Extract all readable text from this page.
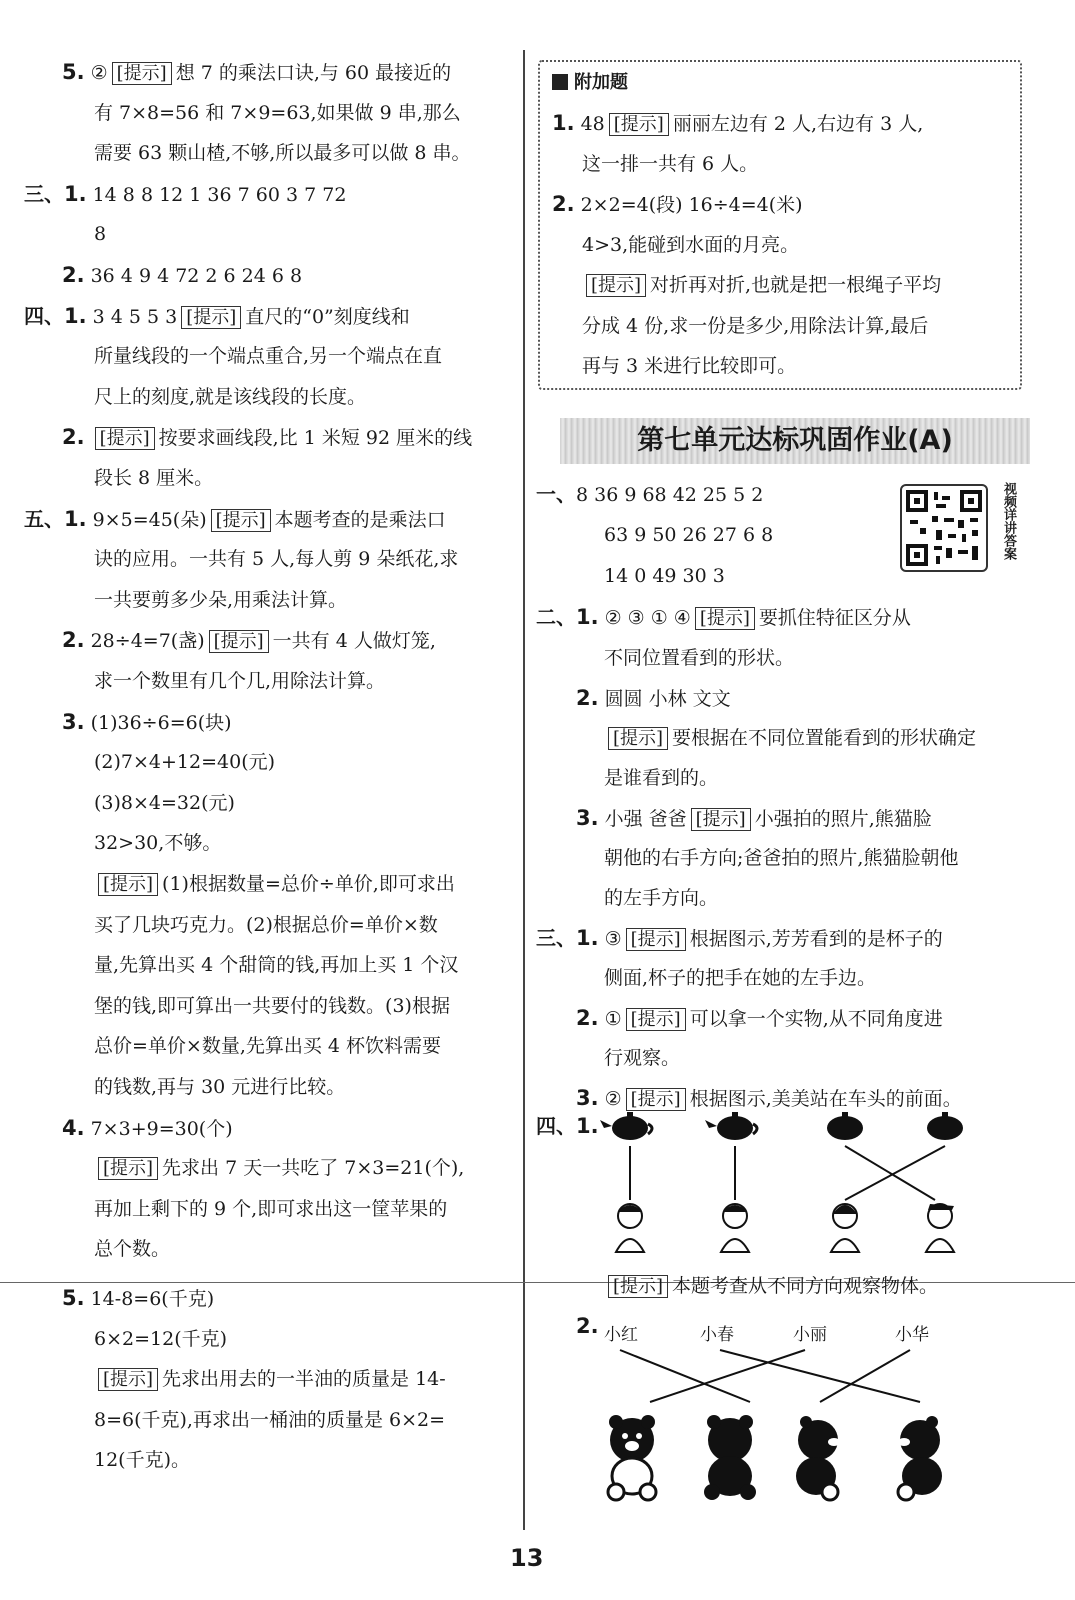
5. ② [提示] 想 7 的乘法口诀,与 60 最接近的
有 7×8=56 和 7×9=63,如果做 9 串,那么
需要 63 颗山楂,不够,所以最多可以做 8 串。
三、1. 14 8 8 12 1 36 7 60 3 7 72
8
2. 36 4 9 4 72 2 6 24 6 8
四、1. 3 4 5 5 3 [提示] 直尺的“0”刻度线和
所量线段的一个端点重合,另一个端点在直
尺上的刻度,就是该线段的长度。
2. [提示] 按要求画线段,比 1 米短 92 厘米的线
段长 8 厘米。
五、1. 9×5=45(朵) [提示] 本题考查的是乘法口
诀的应用。一共有 5 人,每人剪 9 朵纸花,求
一共要剪多少朵,用乘法计算。
2. 28÷4=7(盏) [提示] 一共有 4 人做灯笼,
求一个数里有几个几,用除法计算。
3. (1)36÷6=6(块)
(2)7×4+12=40(元)
(3)8×4=32(元)
32>30,不够。
[提示] (1)根据数量=总价÷单价,即可求出
买了几块巧克力。(2)根据总价=单价×数
量,先算出买 4 个甜筒的钱,再加上买 1 个汉
堡的钱,即可算出一共要付的钱数。(3)根据
总价=单价×数量,先算出买 4 杯饮料需要
的钱数,再与 30 元进行比较。
4. 7×3+9=30(个)
[提示] 先求出 7 天一共吃了 7×3=21(个),
再加上剩下的 9 个,即可求出这一筐苹果的
总个数。
5. 14-8=6(千克)
6×2=12(千克)
[提示] 先求出用去的一半油的质量是 14-
8=6(千克),再求出一桶油的质量是 6×2=
12(千克)。
附加题
1. 48 [提示] 丽丽左边有 2 人,右边有 3 人,
这一排一共有 6 人。
2. 2×2=4(段) 16÷4=4(米)
4>3,能碰到水面的月亮。
[提示] 对折再对折,也就是把一根绳子平均
分成 4 份,求一份是多少,用除法计算,最后
再与 3 米进行比较即可。
第七单元达标巩固作业(A)
视频详讲答案
一、8 36 9 68 42 25 5 2
63 9 50 26 27 6 8
14 0 49 30 3
二、1. ② ③ ① ④ [提示] 要抓住特征区分从
不同位置看到的形状。
2. 圆圆 小林 文文
[提示] 要根据在不同位置能看到的形状确定
是谁看到的。
3. 小强 爸爸 [提示] 小强拍的照片,熊猫脸
朝他的右手方向;爸爸拍的照片,熊猫脸朝他
的左手方向。
三、1. ③ [提示] 根据图示,芳芳看到的是杯子的
侧面,杯子的把手在她的左手边。
2. ① [提示] 可以拿一个实物,从不同角度进
行观察。
3. ② [提示] 根据图示,美美站在车头的前面。
四、1.
[提示] 本题考查从不同方向观察物体。
2. 小红	小春	小丽	小华
13
